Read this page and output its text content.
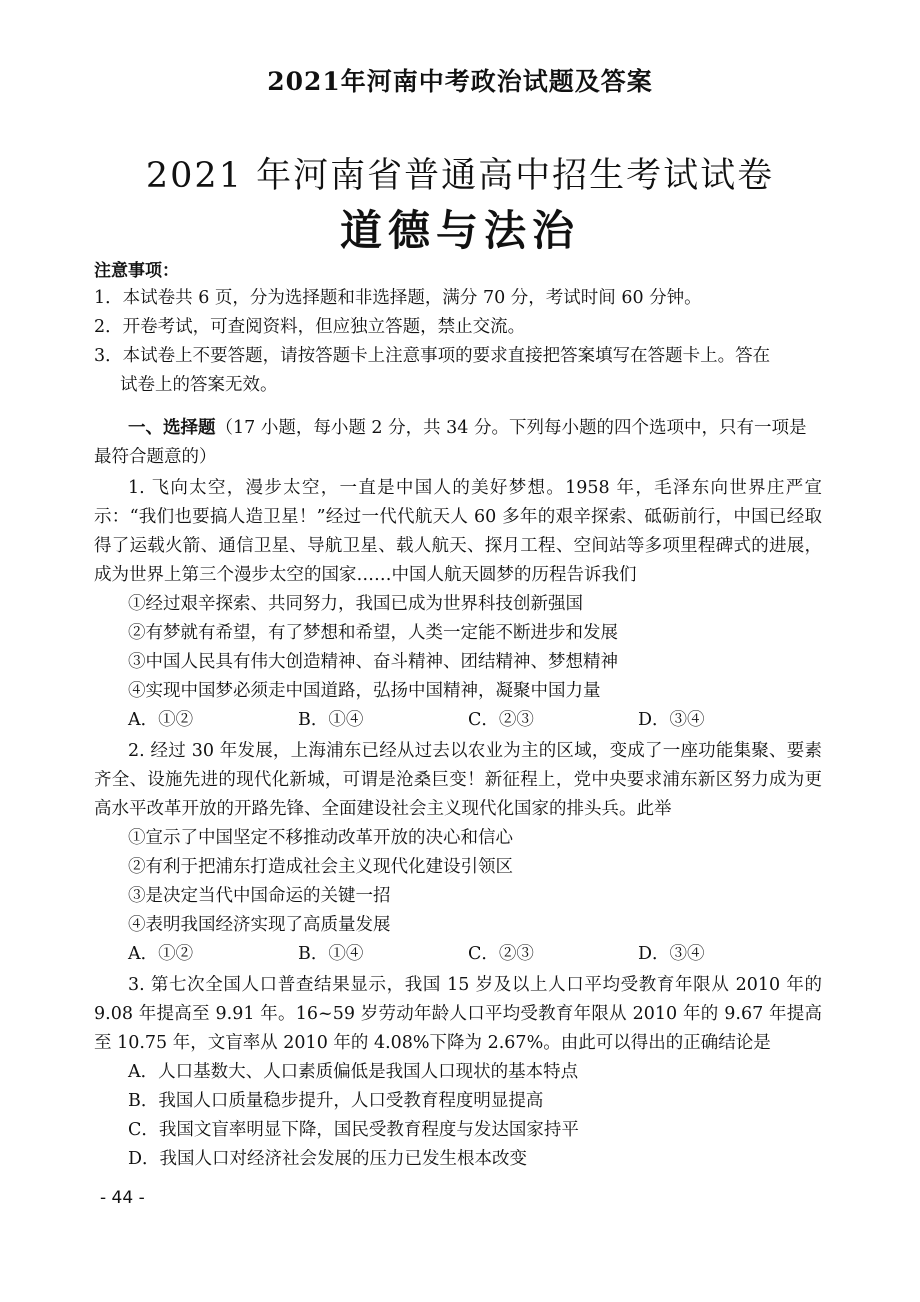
2021年河南中考政治试题及答案
2021 年河南省普通高中招生考试试卷
道德与法治
注意事项：
1．本试卷共 6 页，分为选择题和非选择题，满分 70 分，考试时间 60 分钟。
2．开卷考试，可查阅资料，但应独立答题，禁止交流。
3．本试卷上不要答题，请按答题卡上注意事项的要求直接把答案填写在答题卡上。答在
试卷上的答案无效。
一、选择题（17 小题，每小题 2 分，共 34 分。下列每小题的四个选项中，只有一项是最符合题意的）
1. 飞向太空，漫步太空，一直是中国人的美好梦想。1958 年，毛泽东向世界庄严宣示：“我们也要搞人造卫星！”经过一代代航天人 60 多年的艰辛探索、砥砺前行，中国已经取得了运载火箭、通信卫星、导航卫星、载人航天、探月工程、空间站等多项里程碑式的进展，成为世界上第三个漫步太空的国家……中国人航天圆梦的历程告诉我们
①经过艰辛探索、共同努力，我国已成为世界科技创新强国
②有梦就有希望，有了梦想和希望，人类一定能不断进步和发展
③中国人民具有伟大创造精神、奋斗精神、团结精神、梦想精神
④实现中国梦必须走中国道路，弘扬中国精神，凝聚中国力量
A．①②	B．①④	C．②③	D．③④
2. 经过 30 年发展，上海浦东已经从过去以农业为主的区域，变成了一座功能集聚、要素齐全、设施先进的现代化新城，可谓是沧桑巨变！新征程上，党中央要求浦东新区努力成为更高水平改革开放的开路先锋、全面建设社会主义现代化国家的排头兵。此举
①宣示了中国坚定不移推动改革开放的决心和信心
②有利于把浦东打造成社会主义现代化建设引领区
③是决定当代中国命运的关键一招
④表明我国经济实现了高质量发展
A．①②	B．①④	C．②③	D．③④
3. 第七次全国人口普查结果显示，我国 15 岁及以上人口平均受教育年限从 2010 年的 9.08 年提高至 9.91 年。16~59 岁劳动年龄人口平均受教育年限从 2010 年的 9.67 年提高至 10.75 年，文盲率从 2010 年的 4.08%下降为 2.67%。由此可以得出的正确结论是
A．人口基数大、人口素质偏低是我国人口现状的基本特点
B．我国人口质量稳步提升，人口受教育程度明显提高
C．我国文盲率明显下降，国民受教育程度与发达国家持平
D．我国人口对经济社会发展的压力已发生根本改变
- 44 -
